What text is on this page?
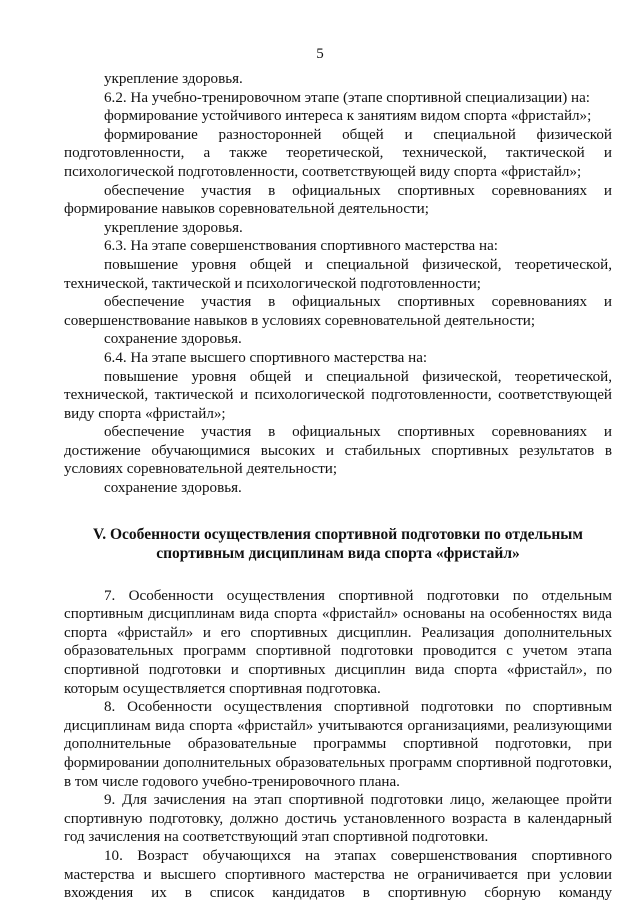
5

укрепление здоровья.

6.2. На учебно-тренировочном этапе (этапе спортивной специализации) на:

формирование устойчивого интереса к занятиям видом спорта «фристайл»;

формирование разносторонней общей и специальной физической подготовленности, а также теоретической, технической, тактической и психологической подготовленности, соответствующей виду спорта «фристайл»;

обеспечение участия в официальных спортивных соревнованиях и формирование навыков соревновательной деятельности;

укрепление здоровья.

6.3. На этапе совершенствования спортивного мастерства на:

повышение уровня общей и специальной физической, теоретической, технической, тактической и психологической подготовленности;

обеспечение участия в официальных спортивных соревнованиях и совершенствование навыков в условиях соревновательной деятельности;

сохранение здоровья.

6.4. На этапе высшего спортивного мастерства на:

повышение уровня общей и специальной физической, теоретической, технической, тактической и психологической подготовленности, соответствующей виду спорта «фристайл»;

обеспечение участия в официальных спортивных соревнованиях и достижение обучающимися высоких и стабильных спортивных результатов в условиях соревновательной деятельности;

сохранение здоровья.

V. Особенности осуществления спортивной подготовки по отдельным спортивным дисциплинам вида спорта «фристайл»

7. Особенности осуществления спортивной подготовки по отдельным спортивным дисциплинам вида спорта «фристайл» основаны на особенностях вида спорта «фристайл» и его спортивных дисциплин. Реализация дополнительных образовательных программ спортивной подготовки проводится с учетом этапа спортивной подготовки и спортивных дисциплин вида спорта «фристайл», по которым осуществляется спортивная подготовка.

8. Особенности осуществления спортивной подготовки по спортивным дисциплинам вида спорта «фристайл» учитываются организациями, реализующими дополнительные образовательные программы спортивной подготовки, при формировании дополнительных образовательных программ спортивной подготовки, в том числе годового учебно-тренировочного плана.

9. Для зачисления на этап спортивной подготовки лицо, желающее пройти спортивную подготовку, должно достичь установленного возраста в календарный год зачисления на соответствующий этап спортивной подготовки.

10. Возраст обучающихся на этапах совершенствования спортивного мастерства и высшего спортивного мастерства не ограничивается при условии вхождения их в список кандидатов в спортивную сборную команду
